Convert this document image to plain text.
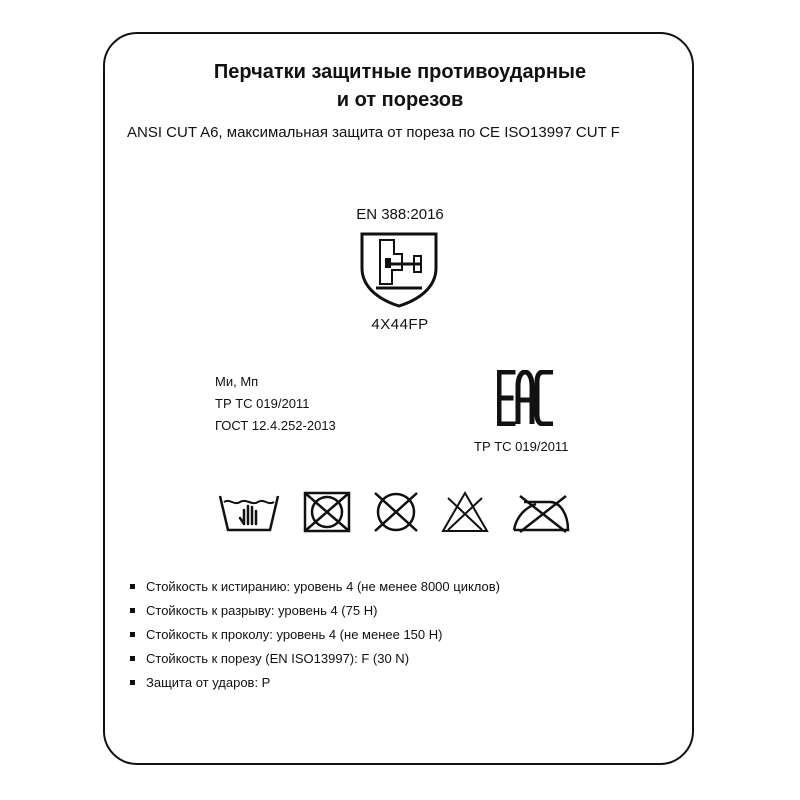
Перчатки защитные противоударные
и от порезов
ANSI CUT A6, максимальная защита от пореза по CE ISO13997 CUT F
EN 388:2016
4X44FP
Ми, Мп
ТР ТС 019/2011
ГОСТ 12.4.252-2013
ТР ТС 019/2011
Стойкость к истиранию: уровень 4 (не менее 8000 циклов)
Стойкость к разрыву: уровень 4 (75 Н)
Стойкость к проколу: уровень 4 (не менее 150 Н)
Стойкость к порезу (EN ISO13997): F (30 N)
Защита от ударов: P
